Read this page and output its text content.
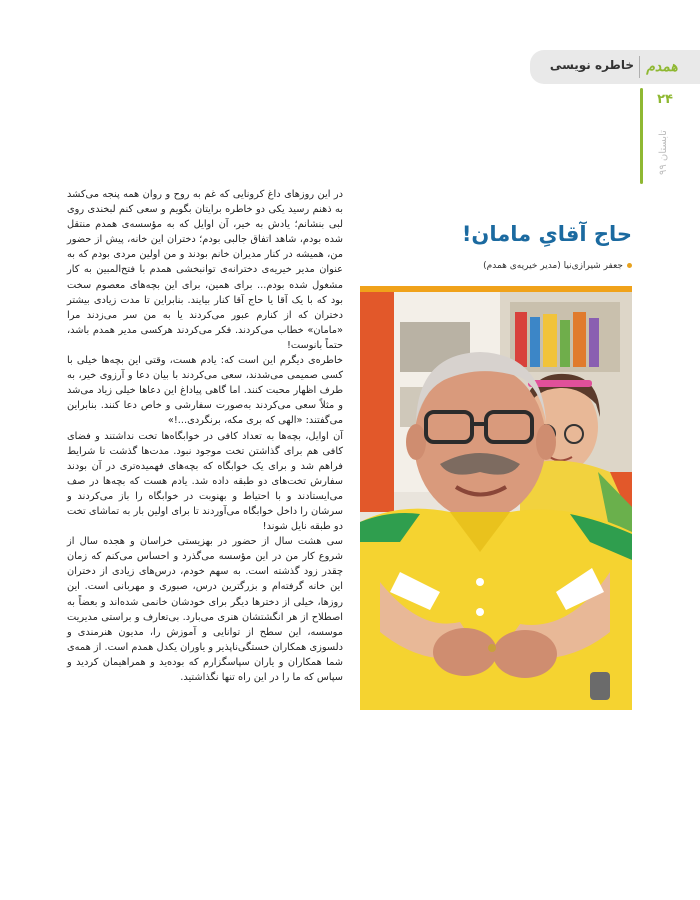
خاطره نویسی همدم
۲۴
تابستان ۹۹
حاج آقایِ مامان!
جعفر شیرازی‌نیا (مدیر خیریه‌ی همدم)

در این روزهای داغ کرونایی که غم به روح و روان همه پنجه می‌کشد به ذهنم رسید یکی دو خاطره برایتان بگویم و سعی کنم لبخندی روی لبی بنشانم؛ یادش به خیر، آن اوایل که به مؤسسه‌ی همدم منتقل شده بودم، شاهد اتفاق جالبی بودم؛ دختران این خانه، پیش از حضور من، همیشه در کنار مدیران خانم بودند و من اولین مردی بودم که به عنوان مدیر خیریه‌ی دخترانه‌ی توانبخشی همدم با فتح‌المبین به کار مشغول شده بودم... برای همین، برای این بچه‌های معصوم سخت بود که با یک آقا یا حاج آقا کنار بیایند. بنابراین تا مدت زیادی بیشتر دختران که از کنارم عبور می‌کردند یا به من سر می‌زدند مرا «مامان» خطاب می‌کردند. فکر می‌کردند هرکسی مدیر همدم باشد، حتماً بانوست!

خاطره‌ی دیگرم این است که: یادم هست، وقتی این بچه‌ها خیلی با کسی صمیمی می‌شدند، سعی می‌کردند با بیان دعا و آرزوی خیر، به طرف اظهار محبت کنند. اما گاهی پیاداغ این دعاها خیلی زیاد می‌شد و مثلاً سعی می‌کردند به‌صورت سفارشی و خاص دعا کنند. بنابراین می‌گفتند: «الهی که بری مکه، برنگردی...!»

آن اوایل، بچه‌ها به تعداد کافی در خوابگاه‌ها تخت نداشتند و فضای کافی هم برای گذاشتن تخت موجود نبود. مدت‌ها گذشت تا شرایط فراهم شد و برای یک خوابگاه که بچه‌های فهمیده‌تری در آن بودند سفارش تخت‌های دو طبقه داده شد. یادم هست که بچه‌ها در صف می‌ایستادند و با احتیاط و بهنوبت در خوابگاه را باز می‌کردند و سرشان را داخل خوابگاه می‌آوردند تا برای اولین بار به تماشای تخت دو طبقه نایل شوند!

سی هشت سال از حضور در بهزیستی خراسان و هجده سال از شروع کار من در این مؤسسه می‌گذرد و احساس می‌کنم که زمان چقدر زود گذشته است. به سهم خودم، درس‌های زیادی از دختران این خانه گرفته‌ام و بزرگترین درس، صبوری و مهربانی است. این روزها، خیلی از دخترها دیگر برای خودشان خانمی شده‌اند و بعضاً به اصطلاح از هر انگشتشان هنری می‌بارد. بی‌تعارف و براستی مدیریت موسسه، این سطح از توانایی و آموزش را، مدیون هنرمندی و دلسوزی همکاران خستگی‌ناپذیر و یاوران یکدل همدم است. از همه‌ی شما همکاران و یاران سپاسگزارم که بوده‌ید و همراهیمان کردید و سپاس که ما را در این راه تنها نگذاشتید.
